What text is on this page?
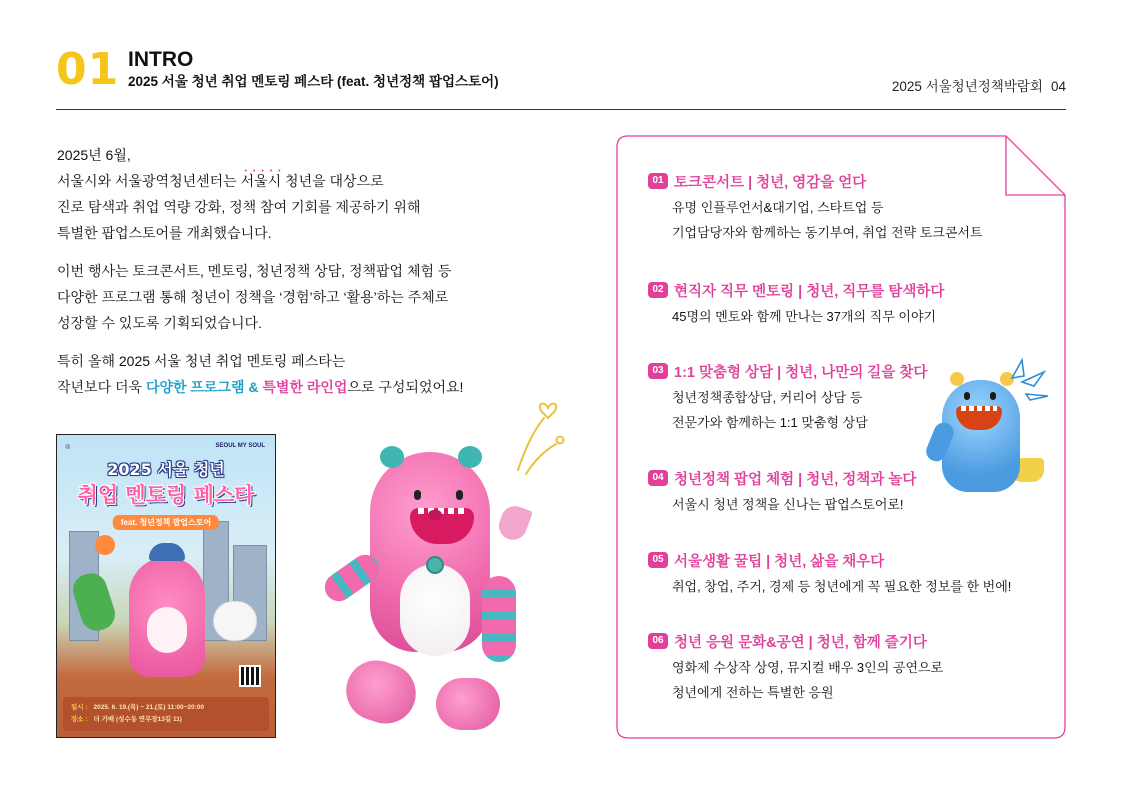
01 INTRO
2025 서울 청년 취업 멘토링 페스타 (feat. 청년정책 팝업스토어)	2025 서울청년정책박람회 04

2025년 6월,
서울시와 서울광역청년센터는 • • • 서울시 청년을 대상으로
진로 탐색과 취업 역량 강화, 정책 참여 기회를 제공하기 위해
특별한 팝업스토어를 개최했습니다.

이번 행사는 토크콘서트, 멘토링, 청년정책 상담, 정책팝업 체험 등
다양한 프로그램 통해 청년이 정책을 ‘경험’하고 ‘활용’하는 주체로
성장할 수 있도록 기획되었습니다.

특히 올해 2025 서울 청년 취업 멘토링 페스타는
작년보다 더욱 다양한 프로그램 & 특별한 라인업으로 구성되었어요!

◎	SEOUL MY SOUL
2025 서울 청년
취업 멘토링 페스타
feat. 청년정책 팝업스토어
일시 : 2025. 6. 19.(목) ~ 21.(토) 11:00~20:00
장소 : 더 가배 (성수동 연무장13길 11)
01 토크콘서트 | 청년, 영감을 얻다
유명 인플루언서&대기업, 스타트업 등
기업담당자와 함께하는 동기부여, 취업 전략 토크콘서트
02 현직자 직무 멘토링 | 청년, 직무를 탐색하다
45명의 멘토와 함께 만나는 37개의 직무 이야기
03 1:1 맞춤형 상담 | 청년, 나만의 길을 찾다
청년정책종합상담, 커리어 상담 등
전문가와 함께하는 1:1 맞춤형 상담
04 청년정책 팝업 체험 | 청년, 정책과 놀다
서울시 청년 정책을 신나는 팝업스토어로!
05 서울생활 꿀팁 | 청년, 삶을 채우다
취업, 창업, 주거, 경제 등 청년에게 꼭 필요한 정보를 한 번에!
06 청년 응원 문화&공연 | 청년, 함께 즐기다
영화제 수상작 상영, 뮤지컬 배우 3인의 공연으로
청년에게 전하는 특별한 응원
